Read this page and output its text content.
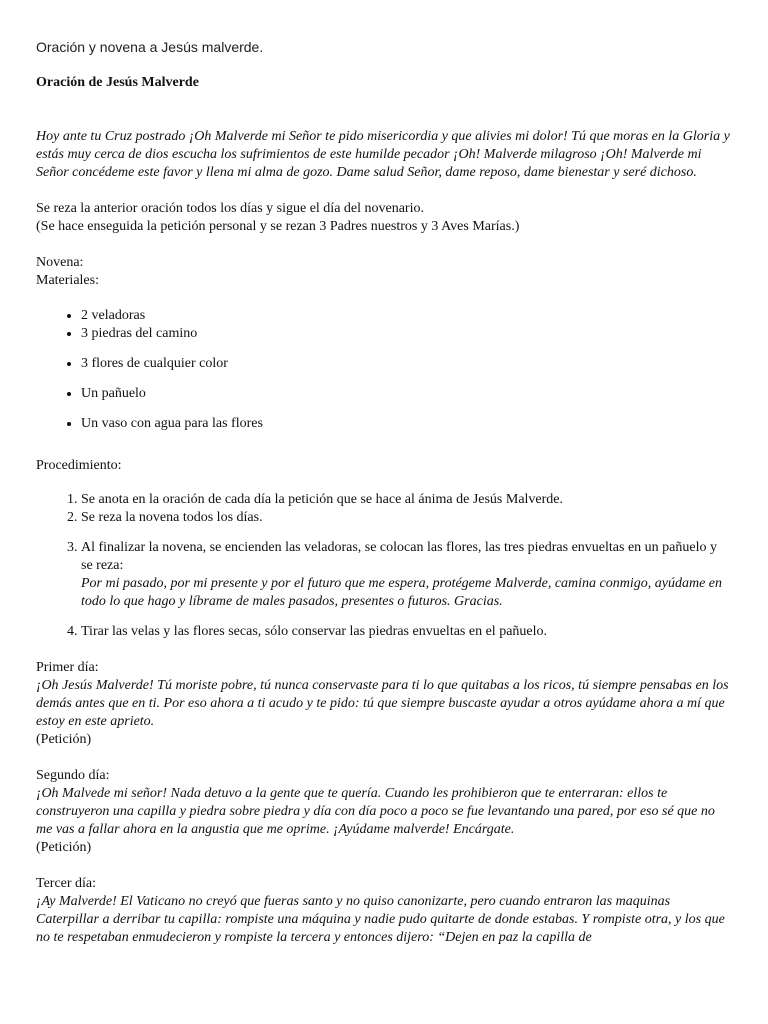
Oración y novena a Jesús malverde.

Oración de Jesús Malverde

Hoy ante tu Cruz postrado ¡Oh Malverde mi Señor te pido misericordia y que alivies mi dolor! Tú que moras en la Gloria y estás muy cerca de dios escucha los sufrimientos de este humilde pecador ¡Oh! Malverde milagroso ¡Oh! Malverde mi Señor concédeme este favor y llena mi alma de gozo. Dame salud Señor, dame reposo, dame bienestar y seré dichoso.

Se reza la anterior oración todos los días y sigue el día del novenario.

(Se hace enseguida la petición personal y se rezan 3 Padres nuestros y 3 Aves Marías.)

Novena:

Materiales:

• 2 veladoras
• 3 piedras del camino
• 3 flores de cualquier color
• Un pañuelo
• Un vaso con agua para las flores

Procedimiento:

1. Se anota en la oración de cada día la petición que se hace al ánima de Jesús Malverde.
2. Se reza la novena todos los días.
3. Al finalizar la novena, se encienden las veladoras, se colocan las flores, las tres piedras envueltas en un pañuelo y se reza:
Por mi pasado, por mi presente y por el futuro que me espera, protégeme Malverde, camina conmigo, ayúdame en todo lo que hago y líbrame de males pasados, presentes o futuros. Gracias.
4. Tirar las velas y las flores secas, sólo conservar las piedras envueltas en el pañuelo.

Primer día:

¡Oh Jesús Malverde! Tú moriste pobre, tú nunca conservaste para ti lo que quitabas a los ricos, tú siempre pensabas en los demás antes que en ti. Por eso ahora a ti acudo y te pido: tú que siempre buscaste ayudar a otros ayúdame ahora a mí que estoy en este aprieto.

(Petición)

Segundo día:

¡Oh Malvede mi señor! Nada detuvo a la gente que te quería. Cuando les prohibieron que te enterraran: ellos te construyeron una capilla y piedra sobre piedra y día con día poco a poco se fue levantando una pared, por eso sé que no me vas a fallar ahora en la angustia que me oprime. ¡Ayúdame malverde! Encárgate.

(Petición)

Tercer día:

¡Ay Malverde! El Vaticano no creyó que fueras santo y no quiso canonizarte, pero cuando entraron las maquinas Caterpillar a derribar tu capilla: rompiste una máquina y nadie pudo quitarte de donde estabas. Y rompiste otra, y los que no te respetaban enmudecieron y rompiste la tercera y entonces dijero: “Dejen en paz la capilla de
